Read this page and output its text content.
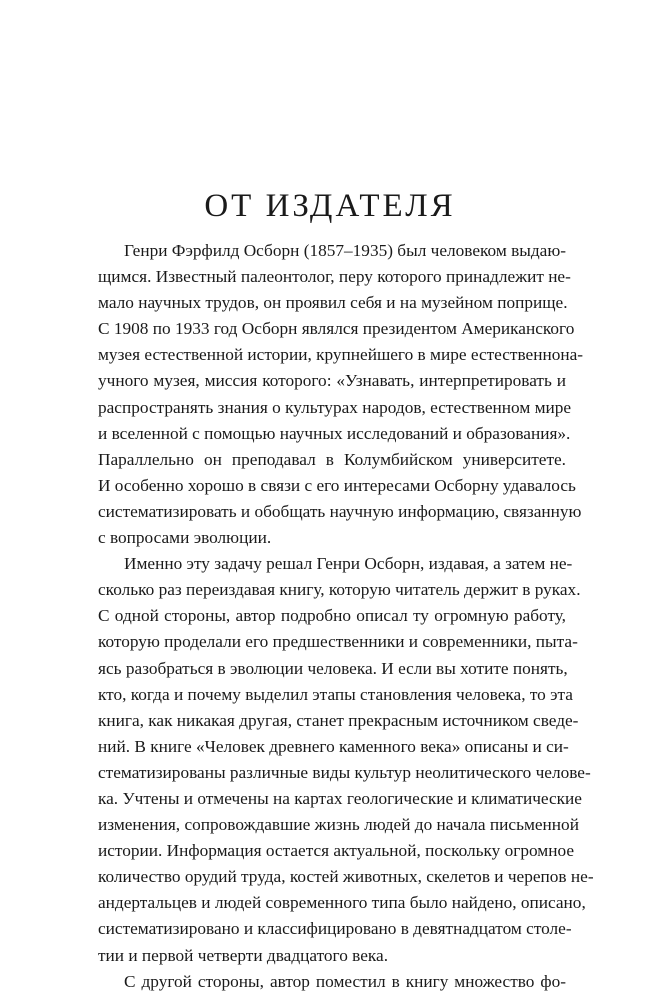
ОТ ИЗДАТЕЛЯ
Генри Фэрфилд Осборн (1857–1935) был человеком выдаю-
щимся. Известный палеонтолог, перу которого принадлежит не-
мало научных трудов, он проявил себя и на музейном поприще.
С 1908 по 1933 год Осборн являлся президентом Американского
музея естественной истории, крупнейшего в мире естественнона-
учного музея, миссия которого: «Узнавать, интерпретировать и
распространять знания о культурах народов, естественном мире
и вселенной с помощью научных исследований и образования».
Параллельно он преподавал в Колумбийском университете.
И особенно хорошо в связи с его интересами Осборну удавалось
систематизировать и обобщать научную информацию, связанную
с вопросами эволюции.
Именно эту задачу решал Генри Осборн, издавая, а затем не-
сколько раз переиздавая книгу, которую читатель держит в руках.
С одной стороны, автор подробно описал ту огромную работу,
которую проделали его предшественники и современники, пыта-
ясь разобраться в эволюции человека. И если вы хотите понять,
кто, когда и почему выделил этапы становления человека, то эта
книга, как никакая другая, станет прекрасным источником сведе-
ний. В книге «Человек древнего каменного века» описаны и си-
стематизированы различные виды культур неолитического челове-
ка. Учтены и отмечены на картах геологические и климатические
изменения, сопровождавшие жизнь людей до начала письменной
истории. Информация остается актуальной, поскольку огромное
количество орудий труда, костей животных, скелетов и черепов не-
андертальцев и людей современного типа было найдено, описано,
систематизировано и классифицировано в девятнадцатом столе-
тии и первой четверти двадцатого века.
С другой стороны, автор поместил в книгу множество фо-
